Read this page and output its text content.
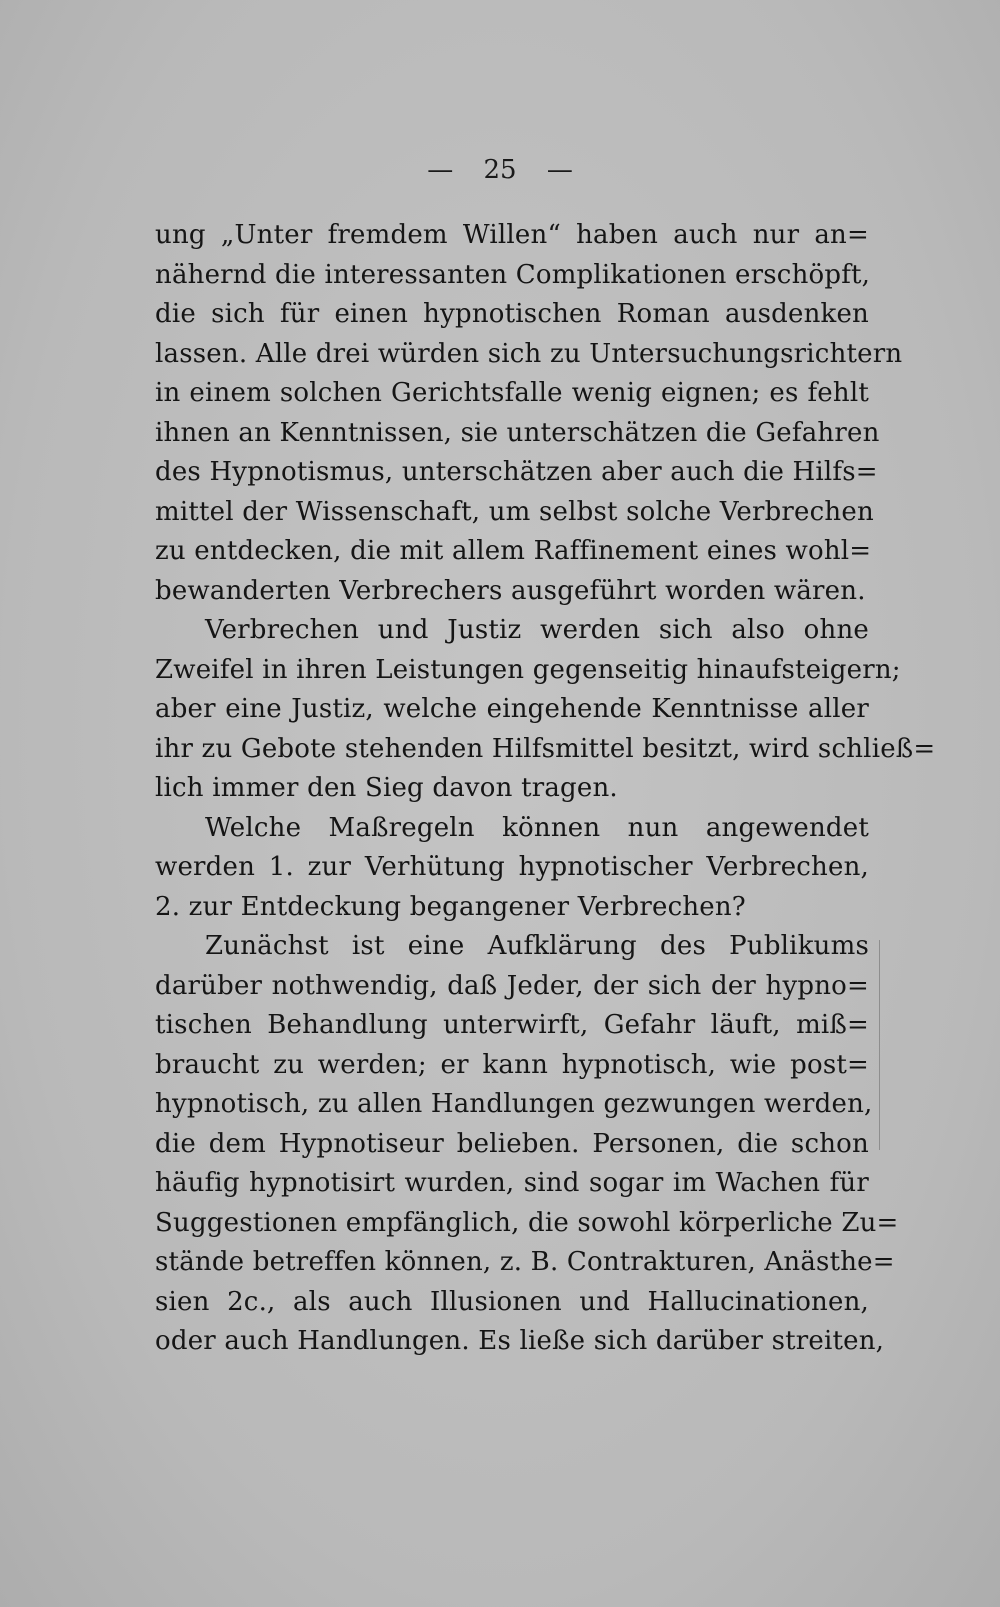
— 25 —
ung „Unter fremdem Willen“ haben auch nur an=
nähernd die interessanten Complikationen erschöpft,
die sich für einen hypnotischen Roman ausdenken
lassen. Alle drei würden sich zu Untersuchungsrichtern
in einem solchen Gerichtsfalle wenig eignen; es fehlt
ihnen an Kenntnissen, sie unterschätzen die Gefahren
des Hypnotismus, unterschätzen aber auch die Hilfs=
mittel der Wissenschaft, um selbst solche Verbrechen
zu entdecken, die mit allem Raffinement eines wohl=
bewanderten Verbrechers ausgeführt worden wären.
Verbrechen und Justiz werden sich also ohne
Zweifel in ihren Leistungen gegenseitig hinaufsteigern;
aber eine Justiz, welche eingehende Kenntnisse aller
ihr zu Gebote stehenden Hilfsmittel besitzt, wird schließ=
lich immer den Sieg davon tragen.
Welche Maßregeln können nun angewendet
werden 1. zur Verhütung hypnotischer Verbrechen,
2. zur Entdeckung begangener Verbrechen?
Zunächst ist eine Aufklärung des Publikums
darüber nothwendig, daß Jeder, der sich der hypno=
tischen Behandlung unterwirft, Gefahr läuft, miß=
braucht zu werden; er kann hypnotisch, wie post=
hypnotisch, zu allen Handlungen gezwungen werden,
die dem Hypnotiseur belieben. Personen, die schon
häufig hypnotisirt wurden, sind sogar im Wachen für
Suggestionen empfänglich, die sowohl körperliche Zu=
stände betreffen können, z. B. Contrakturen, Anästhe=
sien 2c., als auch Illusionen und Hallucinationen,
oder auch Handlungen. Es ließe sich darüber streiten,
